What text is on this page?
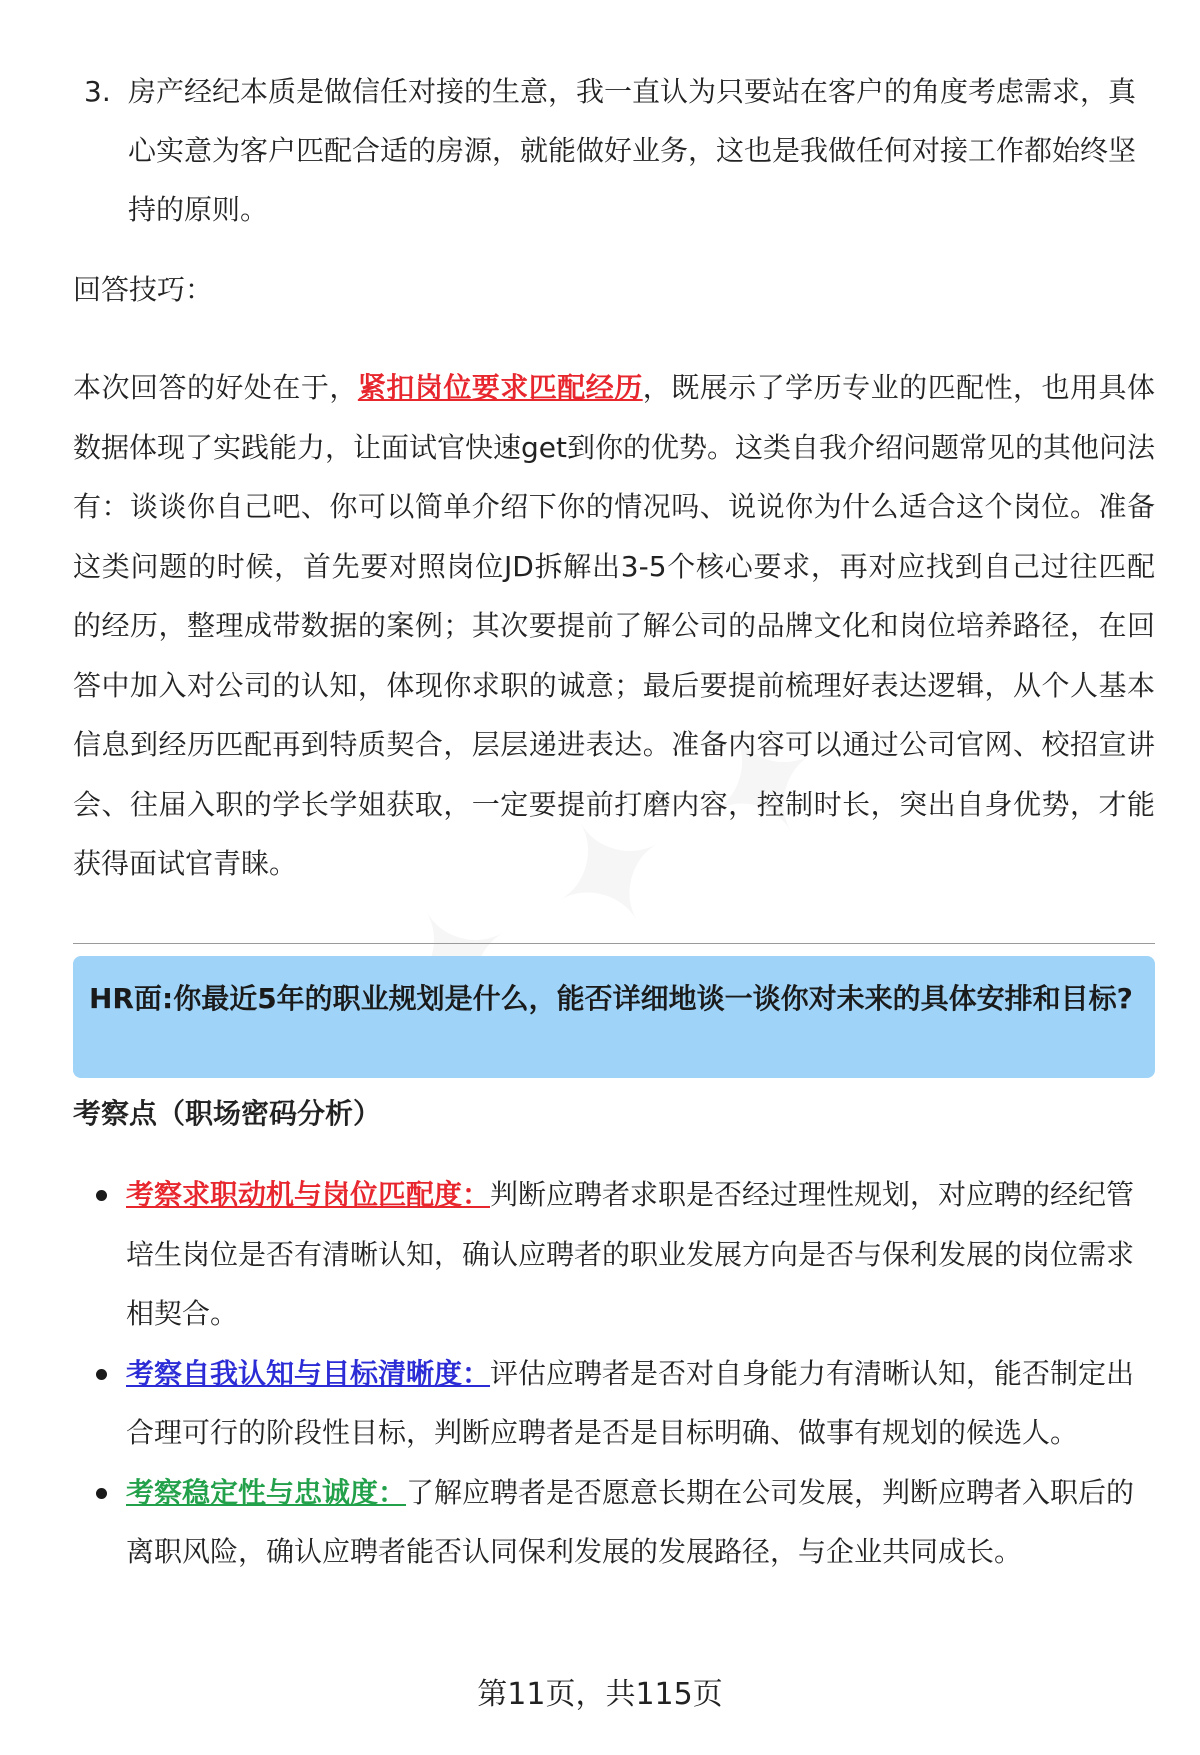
3. 房产经纪本质是做信任对接的生意，我一直认为只要站在客户的角度考虑需求，真心实意为客户匹配合适的房源，就能做好业务，这也是我做任何对接工作都始终坚持的原则。
回答技巧：
本次回答的好处在于，紧扣岗位要求匹配经历，既展示了学历专业的匹配性，也用具体数据体现了实践能力，让面试官快速get到你的优势。这类自我介绍问题常见的其他问法有：谈谈你自己吧、你可以简单介绍下你的情况吗、说说你为什么适合这个岗位。准备这类问题的时候，首先要对照岗位JD拆解出3-5个核心要求，再对应找到自己过往匹配的经历，整理成带数据的案例；其次要提前了解公司的品牌文化和岗位培养路径，在回答中加入对公司的认知，体现你求职的诚意；最后要提前梳理好表达逻辑，从个人基本信息到经历匹配再到特质契合，层层递进表达。准备内容可以通过公司官网、校招宣讲会、往届入职的学长学姐获取，一定要提前打磨内容，控制时长，突出自身优势，才能获得面试官青睐。
HR面:你最近5年的职业规划是什么，能否详细地谈一谈你对未来的具体安排和目标?
考察点（职场密码分析）
考察求职动机与岗位匹配度：判断应聘者求职是否经过理性规划，对应聘的经纪管培生岗位是否有清晰认知，确认应聘者的职业发展方向是否与保利发展的岗位需求相契合。
考察自我认知与目标清晰度：评估应聘者是否对自身能力有清晰认知，能否制定出合理可行的阶段性目标，判断应聘者是否是目标明确、做事有规划的候选人。
考察稳定性与忠诚度：了解应聘者是否愿意长期在公司发展，判断应聘者入职后的离职风险，确认应聘者能否认同保利发展的发展路径，与企业共同成长。
第11页，共115页
